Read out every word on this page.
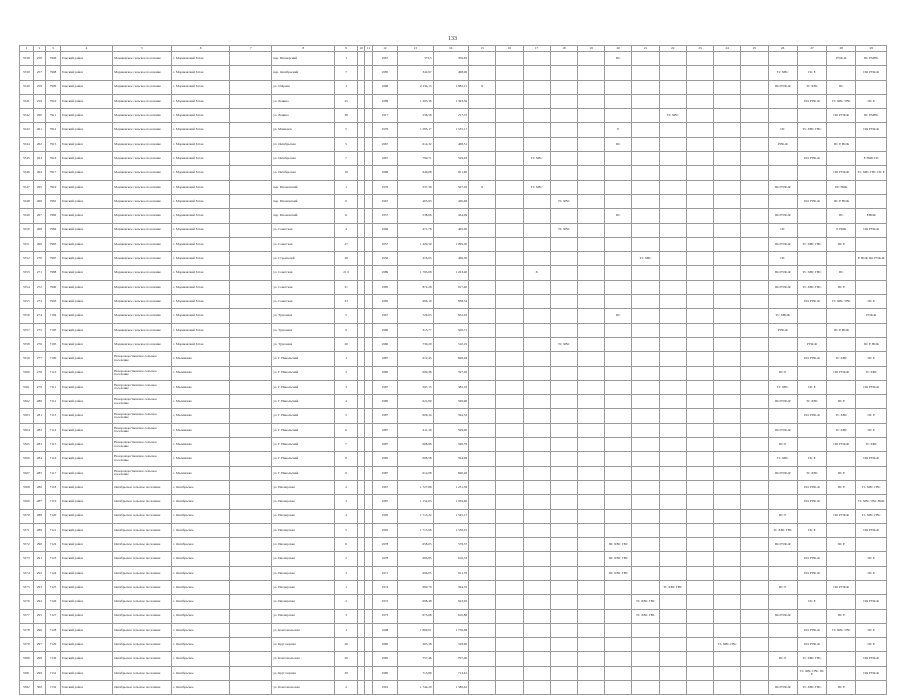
133
1	2	3	4	5	6	7	8	9	10	11	12	13	14	15	16	17	18	19	20	21	22	23	24	25	26	27	28	29
5538	256	7906	Томский район	Моряковское сельское поселение	с. Моряковский Затон		пер. Пионерский	1			1967	373,5	359,65						ПС								РУФ-Ф	ПС ЕМНС
5539	257	7908	Томский район	Моряковское сельское поселение	с. Моряковский Затон		пер. Октябрьский	7			1985	342,97	498,96												ТС ХВС	ПС Е		ПО РУФ-Ф
5540	258	7909	Томский район	Моряковское сельское поселение	с. Моряковский Затон		ул. Озёрная	3			1996	2 234,15	1 982,15	Х											ПО РУФ-Ф	ТС ХВС	ПС	
5541	259	7910	Томский район	Моряковское сельское поселение	с. Моряковский Затон		ул. Ленина	25			1989	1 393,36	1 393,56													ПО РУФ-Ф	ТС ХВС ГВС	ПС Е
5542	260	7911	Томский район	Моряковское сельское поселение	с. Моряковский Затон		ул. Ленина	36			1917	236,58	217,37								ТС ХВС						ПО РУФ-Ф	ПС ЕМНС
5543	261	7912	Томский район	Моряковское сельское поселение	с. Моряковский Затон		ул. Маяковск	5			1976	1 585,17	1 535,17						Е						ПС	ТС ХВС ГВС		ПО РУФ-Ф
5544	262	7915	Томский район	Моряковское сельское поселение	с. Моряковский Затон		ул. Октябрьская	5			1967	614,32	468,31						ПС						РУФ-Ф		ПС Е НОК	
5545	263	7916	Томский район	Моряковское сельское поселение	с. Моряковский Затон		ул. Октябрьская	7			1967	790,71	529,63			ТС ХВС										ПО РУФ-Ф		Е НОК ПС
5546	264	7917	Томский район	Моряковское сельское поселение	с. Моряковский Затон		ул. Октябрьская	10			1996	949,68	811,60														ПО РУФ-Ф	ТС ХВС ГВС ПС Е
5547	265	7919	Томский район	Моряковское сельское поселение	с. Моряковский Затон		пер. Рязановский	1			1970	537,36	507,20	Х		ТС ХВС									ПО РУФ-Ф		ПС НОК	
5548	266	7981	Томский район	Моряковское сельское поселение	с. Моряковский Затон		пер. Рязановский	6			1967	465,63	430,66				ТС ХВС									ПО РУФ-Ф	ПС Е НОК	
5549	267	7982	Томский район	Моряковское сельское поселение	с. Моряковский Затон		пер. Рязановский	11			1957	538,06	434,09						ПС						ПО РУФ-Ф		ПС	ЕНОК
5550	268	7984	Томский район	Моряковское сельское поселение	с. Моряковский Затон		ул. Советская	4			1966	471,76	465,00				ТС ХВС								ПС		Е НОК	ПО РУФ-Ф
5551	269	7985	Томский район	Моряковское сельское поселение	с. Моряковский Затон		ул. Советская	27			1957	1 429,59	1 099,30												ПО РУФ-Ф	ТС ХВС ГВС	ПС Е	
5552	270	7987	Томский район	Моряковское сельское поселение	с. Моряковский Затон		ул. Строителей	28			1956	416,05	466,30							ТС ХВС					ПС			Е НОК ПО РУФ-Ф
5553	271	7988	Томский район	Моряковское сельское поселение	с. Моряковский Затон		ул. Советская	21 б			1989	1 793,68	1 223,40			Х									ПО РУФ-Ф	ТС ХВС ГВС	ПС	
5554	272	7990	Томский район	Моряковское сельское поселение	с. Моряковский Затон		ул. Советская	31			1985	872,28	917,40												ПО РУФ-Ф	ТС ХВС ГВС	ПС Е	
5555	273	7993	Томский район	Моряковское сельское поселение	с. Моряковский Затон		ул. Советская	33			1985	966,10	838,52													ПО РУФ-Ф	ТС ХВС ГВС	ПС Е
5556	274	7194	Томский район	Моряковское сельское поселение	с. Моряковский Затон		ул. Тургенева	5			1967	724,63	652,63						ПС						ТС ХНОК			РУФ-Ф
5557	275	7195	Томский район	Моряковское сельское поселение	с. Моряковский Затон		ул. Тургенева	9			1960	313,77	506,71												РУФ-Ф		ПС Е НОК	
5558	276	7105	Томский район	Моряковское сельское поселение	с. Моряковский Затон		ул. Тургенева	20			1960	730,20	510,19				ТС ХВС									РУФ-Ф		ПС Е НОК
5559	277	7109	Томский район	Новорождественское сельское поселение	с. Малиновка		ул. Г. Никольский	1			1987	612,45	608,49													ПО РУФ-Ф	ТС ХВС	ПС Е
5560	278	7110	Томский район	Новорождественское сельское поселение	с. Малиновка		ул. Г. Никольский	2			1985	609,38	597,20												ПС Е		ПО РУФ-Ф	ТС ХВС
5561	279	7111	Томский район	Новорождественское сельское поселение	с. Малиновка		ул. Г. Никольский	3			1987	597,15	385,16												ТС ХВС	ПС Е		ПО РУФ-Ф
5562	280	7112	Томский район	Новорождественское сельское поселение	с. Малиновка		ул. Г. Никольский	4			1985	621,99	569,90												ПО РУФ-Ф	ТС ХВС	ПС Е	
5563	281	7113	Томский район	Новорождественское сельское поселение	с. Малиновка		ул. Г. Никольский	5			1987	606,34	594,54													ПО РУФ-Ф	ТС ХВС	ПС Е
5564	282	7114	Томский район	Новорождественское сельское поселение	с. Малиновка		ул. Г. Никольский	6			1987	611,36	599,90												ПО РУФ-Ф		ТС ХВС	ПС Е
5565	283	7115	Томский район	Новорождественское сельское поселение	с. Малиновка		ул. Г. Никольский	7			1987	608,86	596,79												ПС Е		ПО РУФ-Ф	ТС ХВС
5566	284	7116	Томский район	Новорождественское сельское поселение	с. Малиновка		ул. Г. Никольский	8			1985	608,58	594,99												ТС ХВС	ПС Е		ПО РУФ-Ф
5567	285	7117	Томский район	Новорождественское сельское поселение	с. Малиновка		ул. Г. Никольский	9			1987	612,08	600,20												ПО РУФ-Ф	ТС ХВС	ПС Е	
5568	286	7118	Томский район	Октябрьское сельское поселение	с. Октябрьское		ул. Пионерская	2			1967	1 727,89	1 231,39													ПО РУФ-Ф	ПС Е	ТС ХВС ГВС
5569	287	7119	Томский район	Октябрьское сельское поселение	с. Октябрьское		ул. Пионерская	3			1987	1 152,63	1 059,60													ПО РУФ-Ф		ТС ХВС ГВС НОК
5570	288	7120	Томский район	Октябрьское сельское поселение	с. Октябрьское		ул. Пионерская	4			1995	1 713,22	1 525,17												ПС Е		ПО РУФ-Ф	ТС ХВС ГВС
5571	289	7121	Томский район	Октябрьское сельское поселение	с. Октябрьское		ул. Пионерская	5			1995	1 715,96	1 536,25												ТС ХВС ГВС	ПС Е		ПО РУФ-Ф
5572	290	7122	Томский район	Октябрьское сельское поселение	с. Октябрьское		ул. Пионерская	6			1978	658,05	579,37						ПС ХВС ГВС						ПО РУФ-Ф		ПС Е	
5573	291	7123	Томский район	Октябрьское сельское поселение	с. Октябрьское		ул. Пионерская	2			1978	666,85	610,53						ПС ХВС ГВС							ПО РУФ-Ф		ПС Е
5574	292	7124	Томский район	Октябрьское сельское поселение	с. Октябрьское		ул. Пионерская	3			1971	694,05	611,76						ПС ХВС ГВС							ПО РУФ-Ф		ПС Е
5575	293	7125	Томский район	Октябрьское сельское поселение	с. Октябрьское		ул. Пионерская	1			1974	660,70	594,70								ТС ХВС ГВС				ПС Е		ПО РУФ-Ф	
5576	294	7126	Томский район	Октябрьское сельское поселение	с. Октябрьское		ул. Пионерская	2			1972	698,48	623,95							ТС ХВС ГВС						ПС Е		ПО РУФ-Ф
5577	295	7127	Томский район	Октябрьское сельское поселение	с. Октябрьское		ул. Пионерская	3			1973	673,68	610,80							ТС ХВС ГВС					ПО РУФ-Ф		ПС Е	
5578	296	7128	Томский район	Октябрьское сельское поселение	с. Октябрьское		ул. Комсомольская	1			1998	1 869,01	1 736,69													ПО РУФ-Ф	ТС ХВС ГВС	ПС Е
5579	297	7129	Томский район	Октябрьское сельское поселение	с. Октябрьское		ул. Кругозорная	26			1985	363,38	318,90										ТС ХВС ГВС			ПО РУФ-Ф		ПС Е
5580	298	7130	Томский район	Октябрьское сельское поселение	с. Октябрьское		ул. Комсомольская	26			1985	757,46	707,00												ПС Е	ТС ХВС ГВС		ПО РУФ-Ф
5581	299	7131	Томский район	Октябрьское сельское поселение	с. Октябрьское		ул. Кругозорная	30			1985	713,89	712,61													ТС ХВС ГВС ПС Е		ПО РУФ-Ф
5582	300	7132	Томский район	Октябрьское сельское поселение	с. Октябрьское		ул. Комсомольская	2			1991	1 744,29	1 580,42												ПО РУФ-Ф	ТС ХВС ГВС	ПС Е	
